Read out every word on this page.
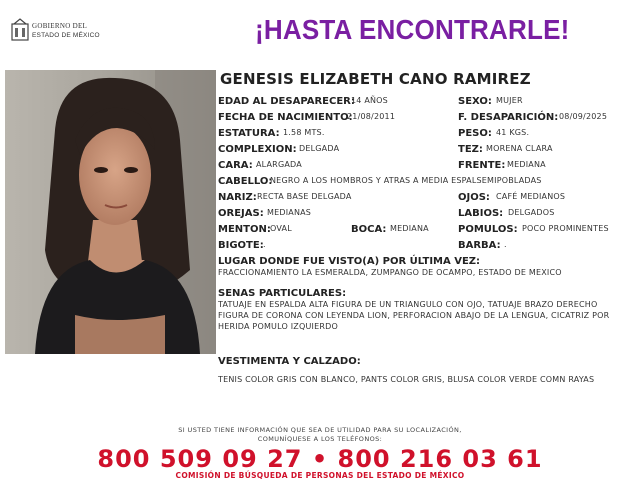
GOBIERNO DEL
ESTADO DE MÉXICO	¡HASTA ENCONTRARLE!
GENESIS ELIZABETH CANO RAMIREZ
EDAD AL DESAPARECER:
14 AÑOS	SEXO: MUJER
FECHA DE NACIMIENTO:
21/08/2011	F. DESAPARICIÓN: 08/09/2025
ESTATURA: 1.58 MTS.	PESO: 41 KGS.
COMPLEXION: DELGADA	TEZ: MORENA CLARA
CARA: ALARGADA	FRENTE: MEDIANA
CABELLO:
NEGRO A LOS HOMBROS Y ATRAS A MEDIA ESPALSEMIPOBLADAS
NARIZ: RECTA BASE DELGADA	OJOS: CAFÉ MEDIANOS
OREJAS: MEDIANAS	LABIOS: DELGADOS
MENTON: OVAL	BOCA: MEDIANA	POMULOS: POCO PROMINENTES
BIGOTE: .	BARBA: .
LUGAR DONDE FUE VISTO(A) POR ÚLTIMA VEZ:
FRACCIONAMIENTO LA ESMERALDA, ZUMPANGO DE OCAMPO, ESTADO DE MEXICO
SENAS PARTICULARES:
TATUAJE EN ESPALDA ALTA FIGURA DE UN TRIANGULO CON OJO, TATUAJE BRAZO DERECHO FIGURA DE CORONA CON LEYENDA LION, PERFORACION ABAJO DE LA LENGUA, CICATRIZ POR HERIDA POMULO IZQUIERDO
VESTIMENTA Y CALZADO:
TENIS COLOR GRIS CON BLANCO, PANTS COLOR GRIS, BLUSA COLOR VERDE COMN RAYAS
SI USTED TIENE INFORMACIÓN QUE SEA DE UTILIDAD PARA SU LOCALIZACIÓN,
COMUNÍQUESE A LOS TELÉFONOS:
800 509 09 27 • 800 216 03 61
COMISIÓN DE BÚSQUEDA DE PERSONAS DEL ESTADO DE MÉXICO
